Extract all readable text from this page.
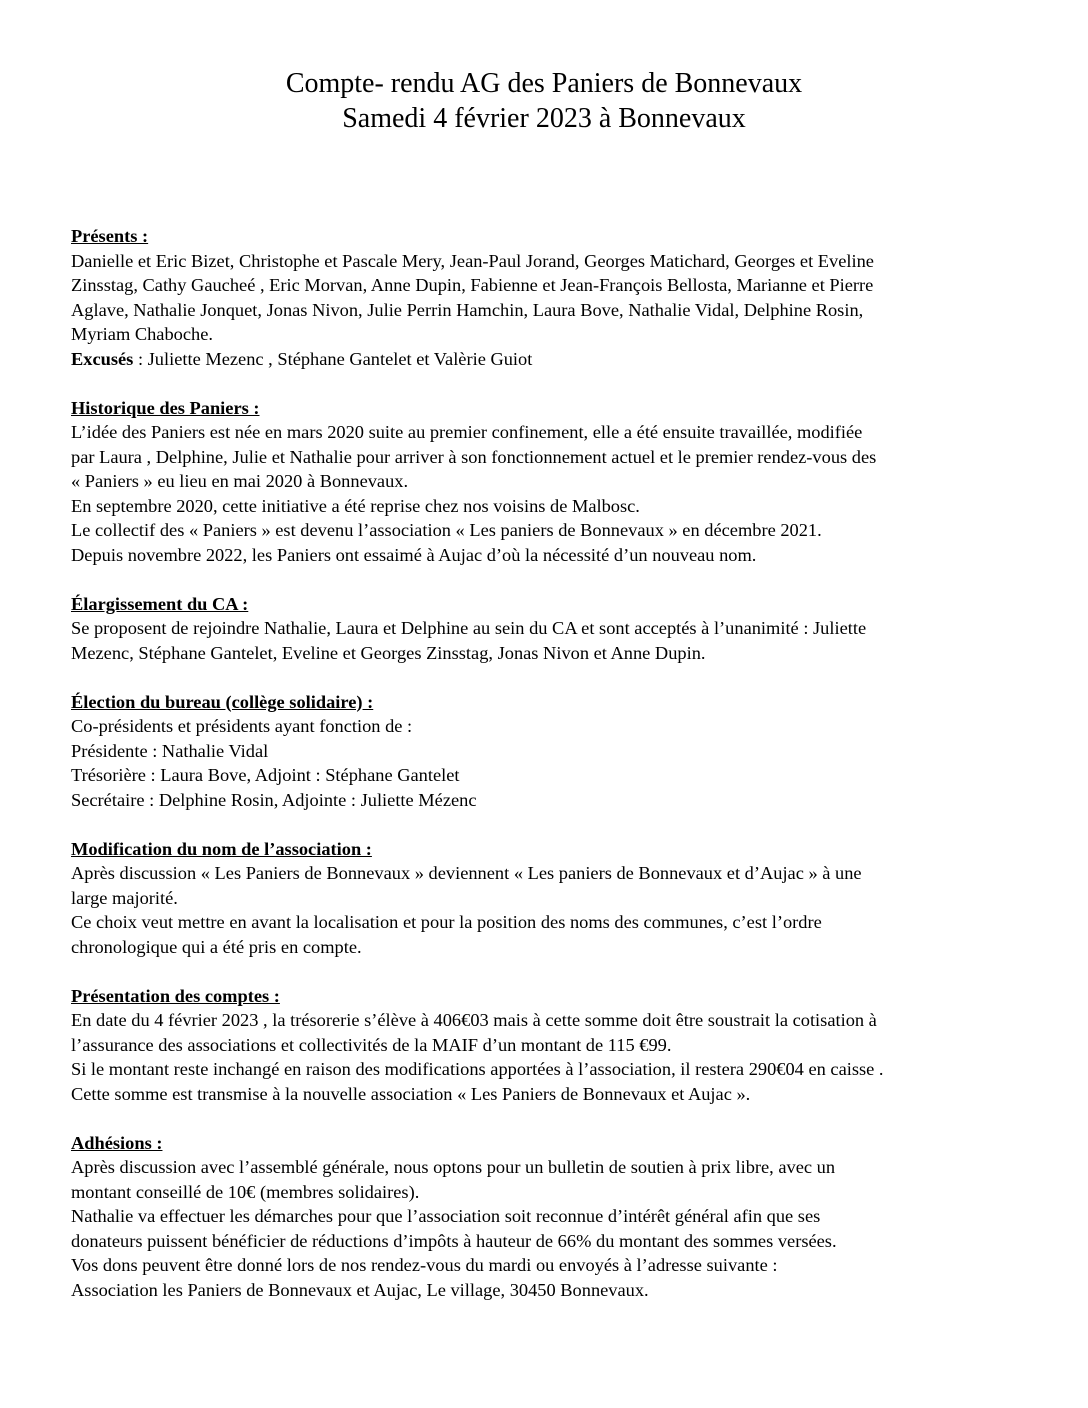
Compte- rendu AG des Paniers de Bonnevaux
Samedi 4 février 2023 à Bonnevaux

Présents :

Danielle et Eric Bizet, Christophe et Pascale Mery, Jean-Paul Jorand, Georges Matichard, Georges et Eveline

Zinsstag, Cathy Gaucheé , Eric Morvan, Anne Dupin, Fabienne et Jean-François Bellosta, Marianne et Pierre

Aglave, Nathalie Jonquet, Jonas Nivon, Julie Perrin Hamchin, Laura Bove, Nathalie Vidal, Delphine Rosin,

Myriam Chaboche.

Excusés : Juliette Mezenc , Stéphane Gantelet et Valèrie Guiot

Historique des Paniers :

L’idée des Paniers est née en mars 2020 suite au premier confinement, elle a été ensuite travaillée, modifiée

par Laura , Delphine, Julie et Nathalie pour arriver à son fonctionnement actuel et le premier rendez-vous des

« Paniers » eu lieu en mai 2020 à Bonnevaux.

En septembre 2020, cette initiative a été reprise chez nos voisins de Malbosc.

Le collectif des « Paniers » est devenu l’association « Les paniers de Bonnevaux » en décembre 2021.

Depuis novembre 2022, les Paniers ont essaimé à Aujac d’où la nécessité d’un nouveau nom.

Élargissement du CA :

Se proposent de rejoindre Nathalie, Laura et Delphine au sein du CA et sont acceptés à l’unanimité : Juliette

Mezenc, Stéphane Gantelet, Eveline et Georges Zinsstag, Jonas Nivon et Anne Dupin.

Élection du bureau (collège solidaire) :

Co-présidents et présidents ayant fonction de :

Présidente : Nathalie Vidal

Trésorière : Laura Bove, Adjoint : Stéphane Gantelet

Secrétaire : Delphine Rosin, Adjointe : Juliette Mézenc

Modification du nom de l’association :

Après discussion « Les Paniers de Bonnevaux » deviennent « Les paniers de Bonnevaux et d’Aujac » à une

large majorité.

Ce choix veut mettre en avant la localisation et pour la position des noms des communes, c’est l’ordre

chronologique qui a été pris en compte.

Présentation des comptes :

En date du 4 février 2023 , la trésorerie s’élève à 406€03 mais à cette somme doit être soustrait la cotisation à

l’assurance des associations et collectivités de la MAIF d’un montant de 115 €99.

Si le montant reste inchangé en raison des modifications apportées à l’association, il restera 290€04 en caisse .

Cette somme est transmise à la nouvelle association « Les Paniers de Bonnevaux et Aujac ».

Adhésions :

Après discussion avec l’assemblé générale, nous optons pour un bulletin de soutien à prix libre, avec un

montant conseillé de 10€ (membres solidaires).

Nathalie va effectuer les démarches pour que l’association soit reconnue d’intérêt général afin que ses

donateurs puissent bénéficier de réductions d’impôts à hauteur de 66% du montant des sommes versées.

Vos dons peuvent être donné lors de nos rendez-vous du mardi ou envoyés à l’adresse suivante :

Association les Paniers de Bonnevaux et Aujac, Le village, 30450 Bonnevaux.
